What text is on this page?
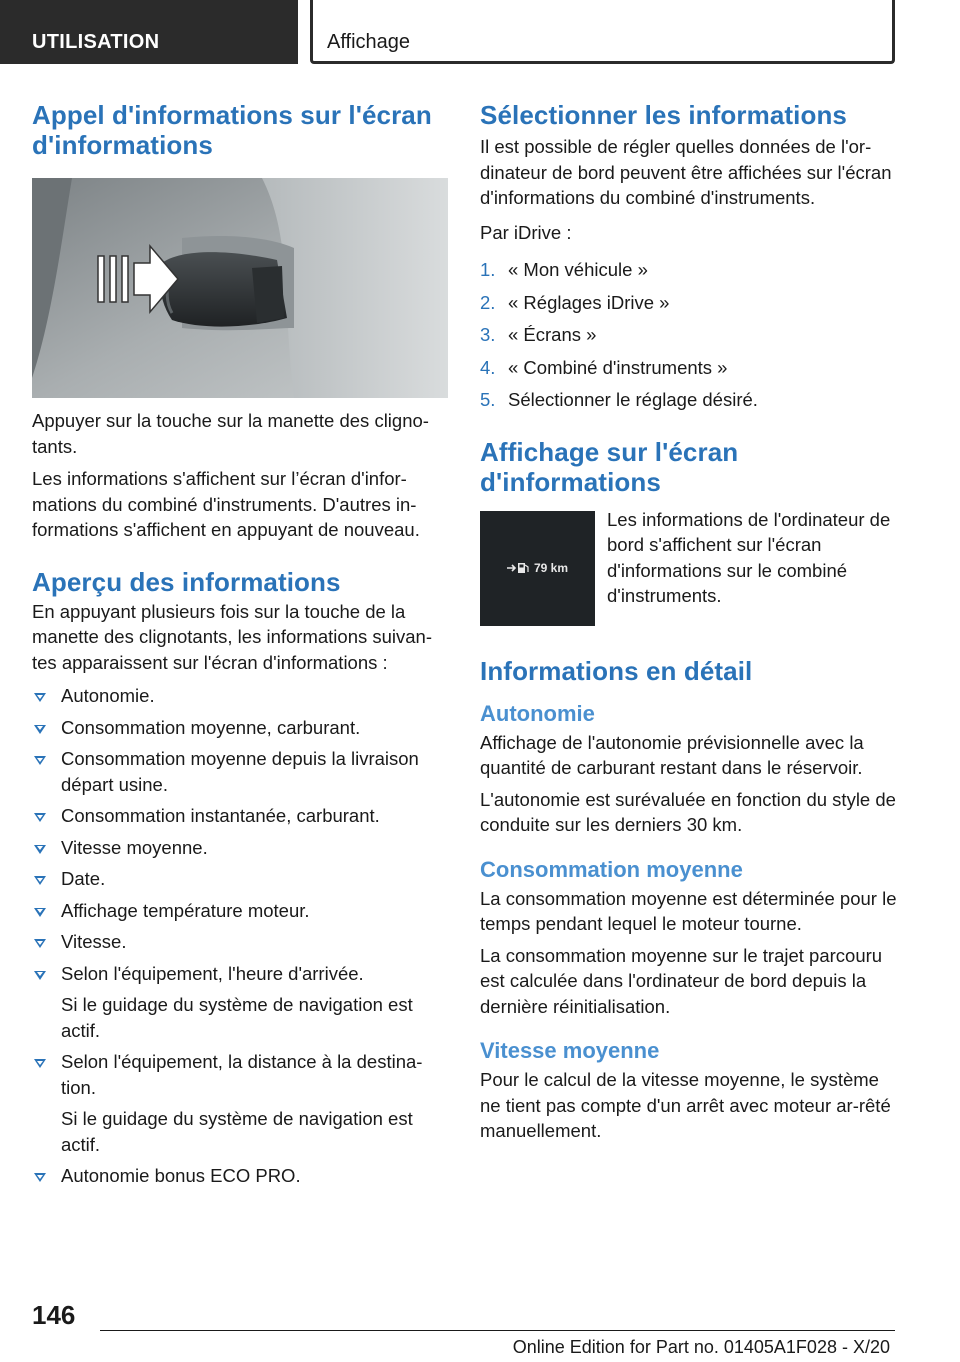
UTILISATION	Affichage
Appel d'informations sur l'écran d'informations

Appuyer sur la touche sur la manette des cligno-tants.

Les informations s'affichent sur l’écran d'infor-mations du combiné d'instruments. D'autres in-formations s'affichent en appuyant de nouveau.

Aperçu des informations

En appuyant plusieurs fois sur la touche de la manette des clignotants, les informations suivan-tes apparaissent sur l'écran d'informations :

Autonomie.
Consommation moyenne, carburant.
Consommation moyenne depuis la livraison départ usine.
Consommation instantanée, carburant.
Vitesse moyenne.
Date.
Affichage température moteur.
Vitesse.
Selon l'équipement, l'heure d'arrivée.
Si le guidage du système de navigation est actif.
Selon l'équipement, la distance à la destina-tion.
Si le guidage du système de navigation est actif.
Autonomie bonus ECO PRO.
Sélectionner les informations

Il est possible de régler quelles données de l'or-dinateur de bord peuvent être affichées sur l'écran d'informations du combiné d'instruments.

Par iDrive :

1. « Mon véhicule »
2. « Réglages iDrive »
3. « Écrans »
4. « Combiné d'instruments »
5. Sélectionner le réglage désiré.
Affichage sur l'écran d'informations
79 km

Les informations de l'ordinateur de bord s'affichent sur l'écran d'informations sur le combiné d'instruments.

Informations en détail
Autonomie

Affichage de l'autonomie prévisionnelle avec la quantité de carburant restant dans le réservoir.

L'autonomie est surévaluée en fonction du style de conduite sur les derniers 30 km.

Consommation moyenne

La consommation moyenne est déterminée pour le temps pendant lequel le moteur tourne.

La consommation moyenne sur le trajet parcouru est calculée dans l'ordinateur de bord depuis la dernière réinitialisation.

Vitesse moyenne

Pour le calcul de la vitesse moyenne, le système ne tient pas compte d'un arrêt avec moteur ar-rêté manuellement.

146
Online Edition for Part no. 01405A1F028 - X/20
